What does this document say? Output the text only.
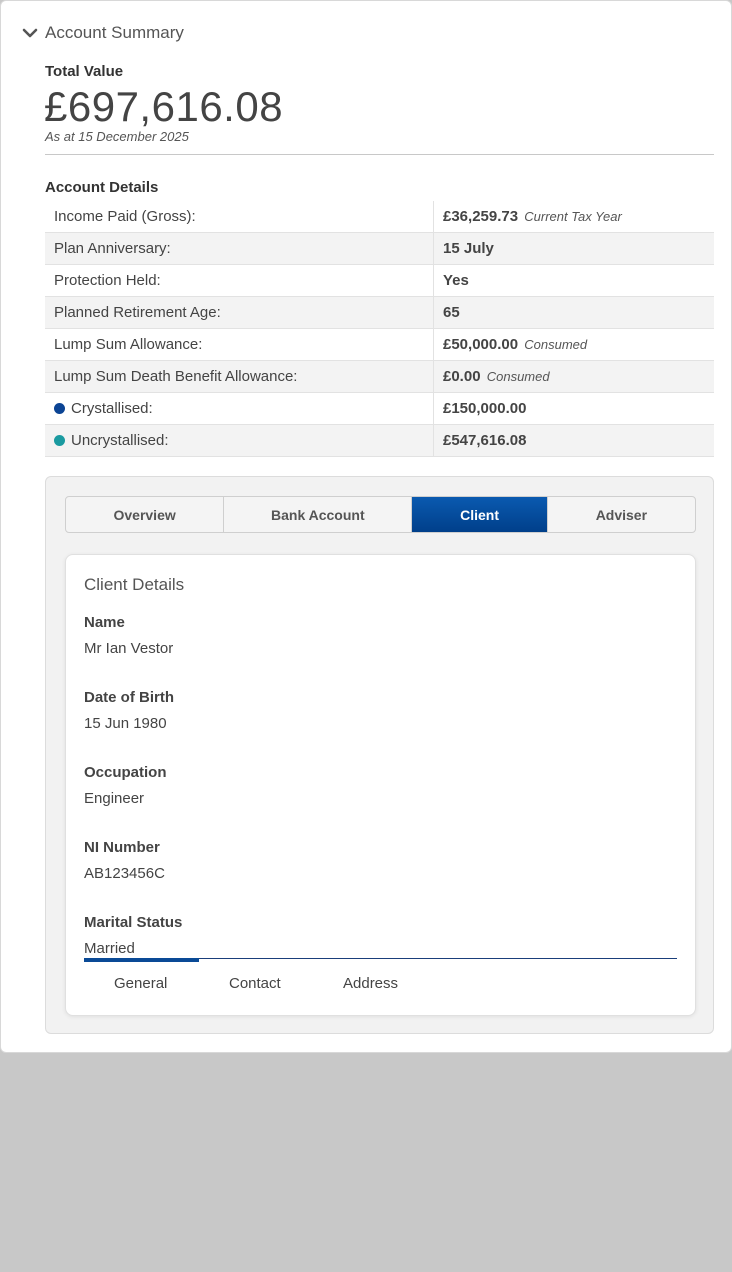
Account Summary
Total Value
£697,616.08
As at 15 December 2025
Account Details
Income Paid (Gross):	£36,259.73 Current Tax Year
Plan Anniversary:	15 July
Protection Held:	Yes
Planned Retirement Age:	65
Lump Sum Allowance:	£50,000.00 Consumed
Lump Sum Death Benefit Allowance:	£0.00 Consumed
Crystallised:	£150,000.00
Uncrystallised:	£547,616.08
Overview	Bank Account	Client	Adviser
Client Details
Name
Mr Ian Vestor
Date of Birth
15 Jun 1980
Occupation
Engineer
NI Number
AB123456C
Marital Status
Married
General	Contact	Address
